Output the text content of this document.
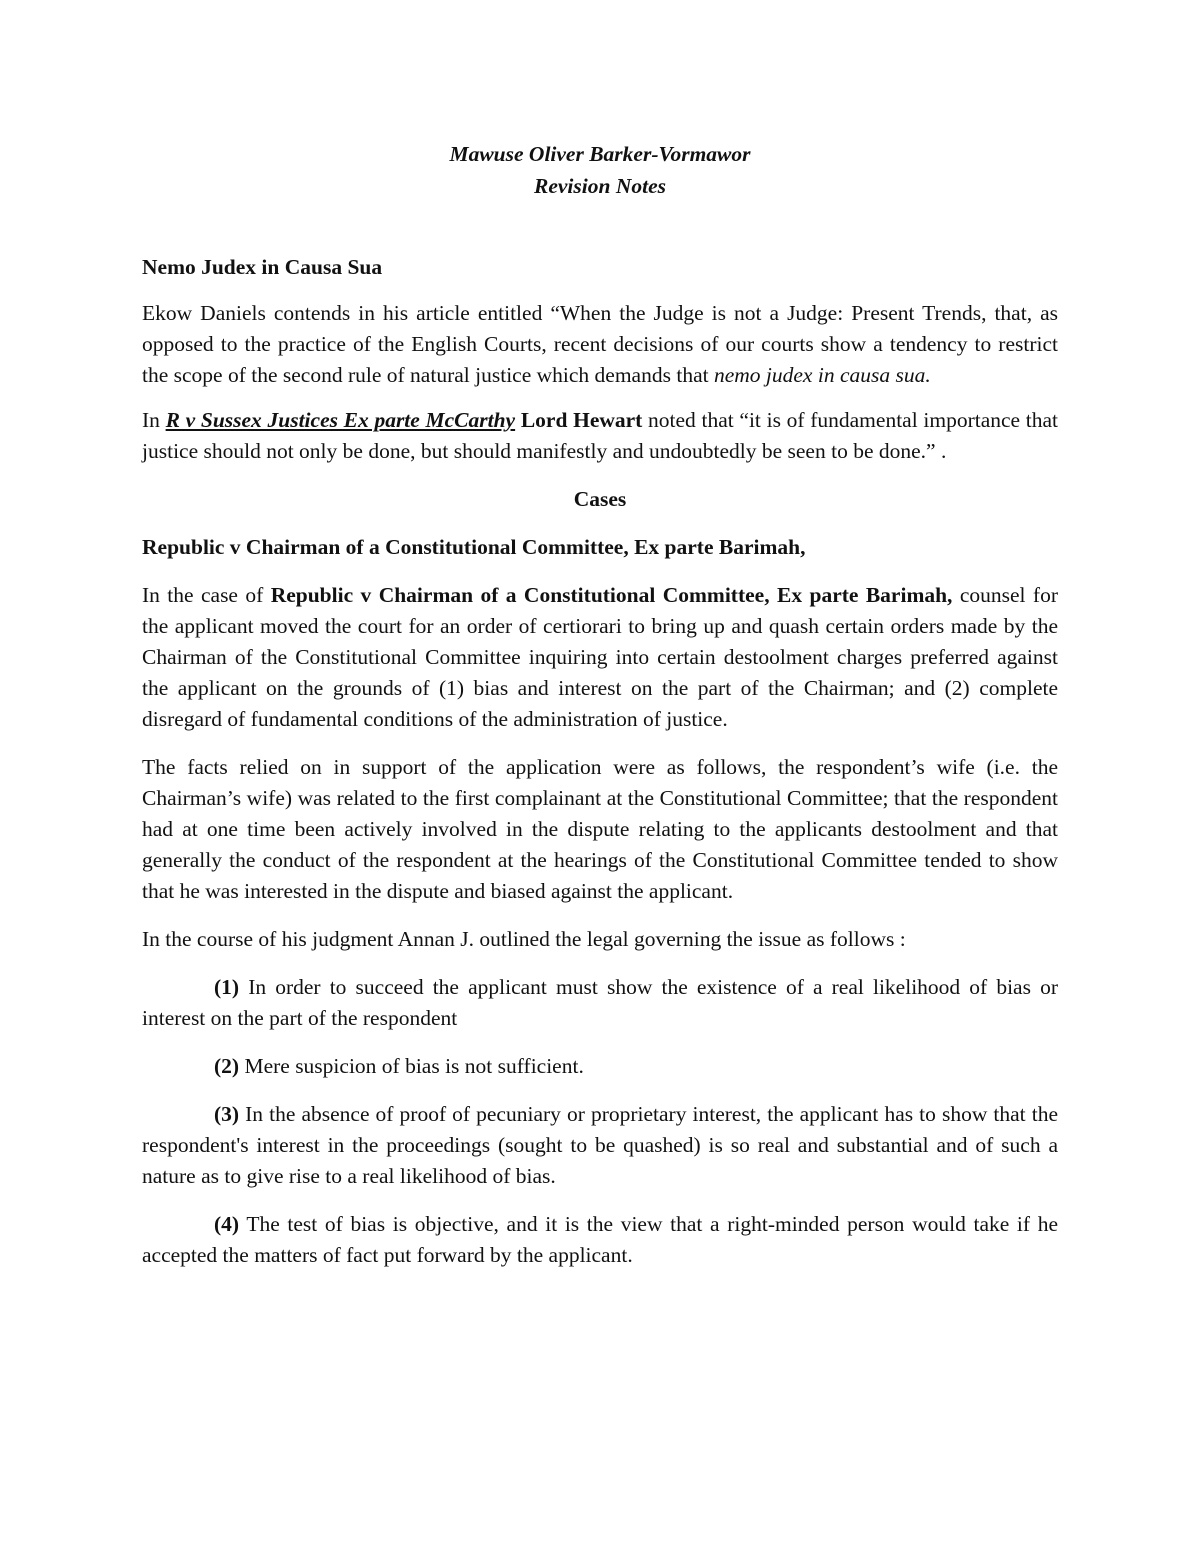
Mawuse Oliver Barker-Vormawor
Revision Notes
Nemo Judex in Causa Sua

Ekow Daniels contends in his article entitled “When the Judge is not a Judge: Present Trends, that, as opposed to the practice of the English Courts, recent decisions of our courts show a tendency to restrict the scope of the second rule of natural justice which demands that nemo judex in causa sua.

In R v Sussex Justices Ex parte McCarthy Lord Hewart noted that “it is of fundamental importance that justice should not only be done, but should manifestly and undoubtedly be seen to be done.” .

Cases
Republic v Chairman of a Constitutional Committee, Ex parte Barimah,

In the case of Republic v Chairman of a Constitutional Committee, Ex parte Barimah, counsel for the applicant moved the court for an order of certiorari to bring up and quash certain orders made by the Chairman of the Constitutional Committee inquiring into certain destoolment charges preferred against the applicant on the grounds of (1) bias and interest on the part of the Chairman; and (2) complete disregard of fundamental conditions of the administration of justice.

The facts relied on in support of the application were as follows, the respondent’s wife (i.e. the Chairman’s wife) was related to the first complainant at the Constitutional Committee; that the respondent had at one time been actively involved in the dispute relating to the applicants destoolment and that generally the conduct of the respondent at the hearings of the Constitutional Committee tended to show that he was interested in the dispute and biased against the applicant.

In the course of his judgment Annan J. outlined the legal governing the issue as follows :

(1) In order to succeed the applicant must show the existence of a real likelihood of bias or interest on the part of the respondent

(2) Mere suspicion of bias is not sufficient.

(3) In the absence of proof of pecuniary or proprietary interest, the applicant has to show that the respondent's interest in the proceedings (sought to be quashed) is so real and substantial and of such a nature as to give rise to a real likelihood of bias.

(4) The test of bias is objective, and it is the view that a right-minded person would take if he accepted the matters of fact put forward by the applicant.
